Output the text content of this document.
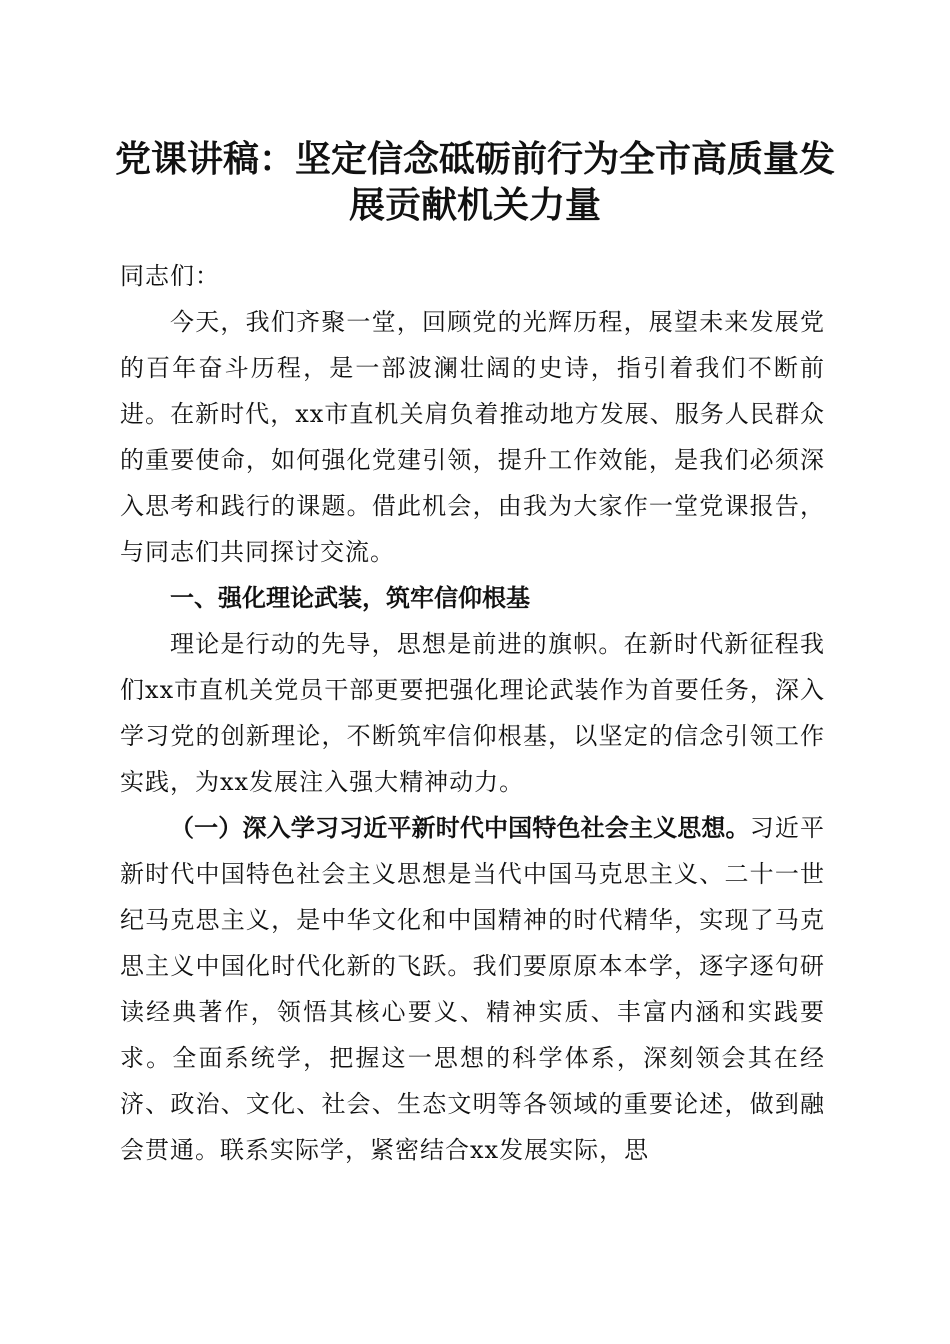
党课讲稿：坚定信念砥砺前行为全市高质量发展贡献机关力量

同志们：

今天，我们齐聚一堂，回顾党的光辉历程，展望未来发展党的百年奋斗历程，是一部波澜壮阔的史诗，指引着我们不断前进。在新时代，xx市直机关肩负着推动地方发展、服务人民群众的重要使命，如何强化党建引领，提升工作效能，是我们必须深入思考和践行的课题。借此机会，由我为大家作一堂党课报告，与同志们共同探讨交流。

一、强化理论武装，筑牢信仰根基

理论是行动的先导，思想是前进的旗帜。在新时代新征程我们xx市直机关党员干部更要把强化理论武装作为首要任务，深入学习党的创新理论，不断筑牢信仰根基，以坚定的信念引领工作实践，为xx发展注入强大精神动力。

（一）深入学习习近平新时代中国特色社会主义思想。习近平新时代中国特色社会主义思想是当代中国马克思主义、二十一世纪马克思主义，是中华文化和中国精神的时代精华，实现了马克思主义中国化时代化新的飞跃。我们要原原本本学，逐字逐句研读经典著作，领悟其核心要义、精神实质、丰富内涵和实践要求。全面系统学，把握这一思想的科学体系，深刻领会其在经济、政治、文化、社会、生态文明等各领域的重要论述，做到融会贯通。联系实际学，紧密结合xx发展实际，思
